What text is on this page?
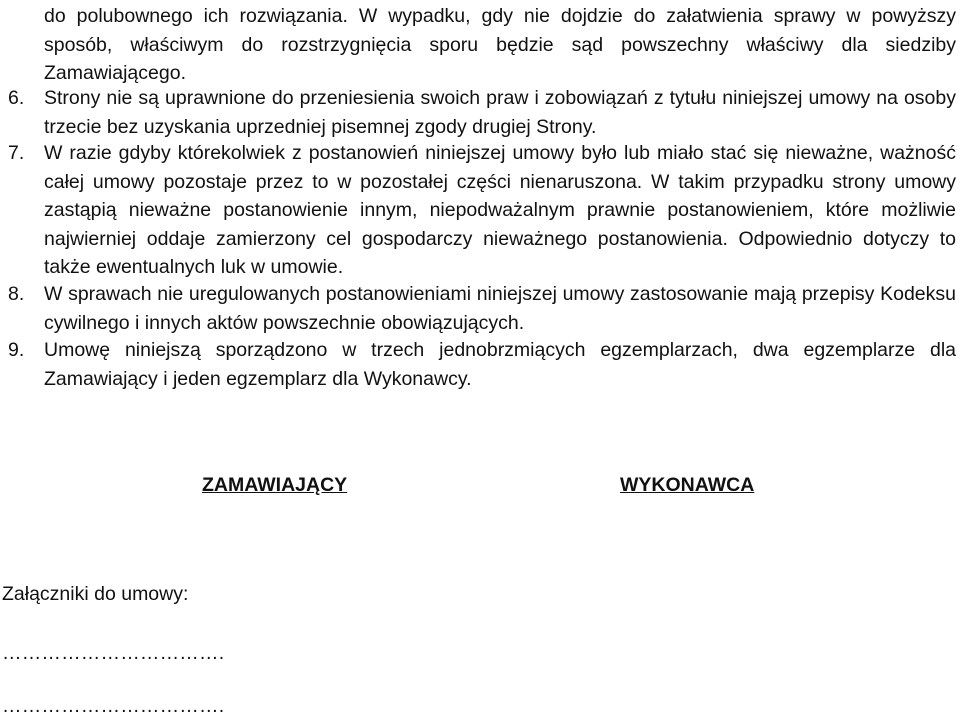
do polubownego ich rozwiązania. W wypadku, gdy nie dojdzie do załatwienia sprawy w powyższy sposób, właściwym do rozstrzygnięcia sporu będzie sąd powszechny właściwy dla siedziby Zamawiającego.
6.	Strony nie są uprawnione do przeniesienia swoich praw i zobowiązań z tytułu niniejszej umowy na osoby trzecie bez uzyskania uprzedniej pisemnej zgody drugiej Strony.
7.	W razie gdyby którekolwiek z postanowień niniejszej umowy było lub miało stać się nieważne, ważność całej umowy pozostaje przez to w pozostałej części nienaruszona. W takim przypadku strony umowy zastąpią nieważne postanowienie innym, niepodważalnym prawnie postanowieniem, które możliwie najwierniej oddaje zamierzony cel gospodarczy nieważnego postanowienia. Odpowiednio dotyczy to także ewentualnych luk w umowie.
8.	W sprawach nie uregulowanych postanowieniami niniejszej umowy zastosowanie mają przepisy Kodeksu cywilnego i innych aktów powszechnie obowiązujących.
9.	Umowę niniejszą sporządzono w trzech jednobrzmiących egzemplarzach, dwa egzemplarze dla Zamawiający i jeden egzemplarz dla Wykonawcy.
ZAMAWIAJĄCY	WYKONAWCA
Załączniki do umowy:
…………………………….
…………………………….
